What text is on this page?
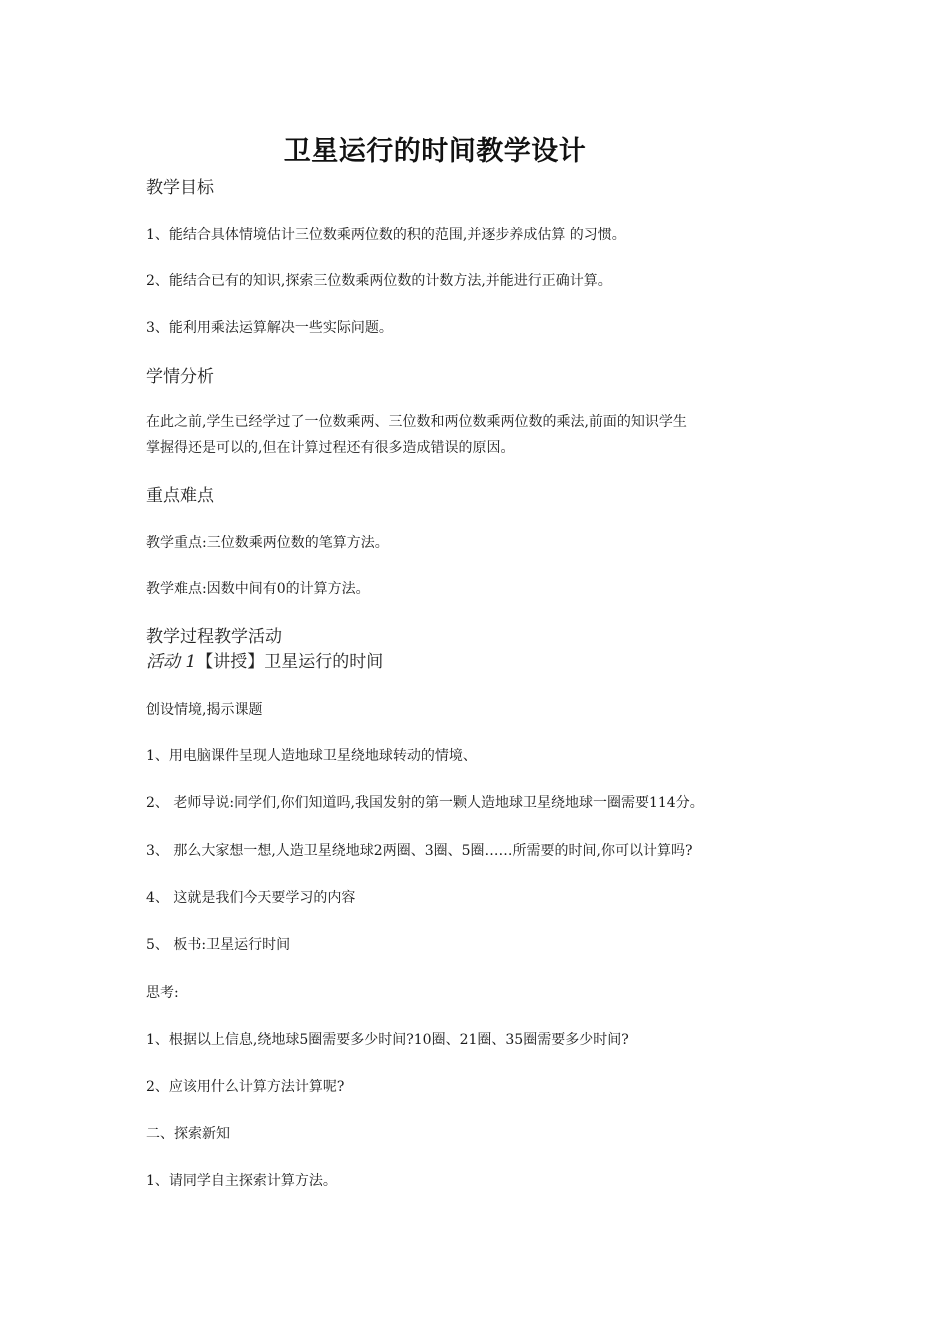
卫星运行的时间教学设计
教学目标
1、能结合具体情境估计三位数乘两位数的积的范围,并逐步养成估算 的习惯。
2、能结合已有的知识,探索三位数乘两位数的计数方法,并能进行正确计算。
3、能利用乘法运算解决一些实际问题。
学情分析
在此之前,学生已经学过了一位数乘两、三位数和两位数乘两位数的乘法,前面的知识学生
掌握得还是可以的,但在计算过程还有很多造成错误的原因。
重点难点
教学重点:三位数乘两位数的笔算方法。
教学难点:因数中间有0的计算方法。
教学过程教学活动
活动 1【讲授】卫星运行的时间
创设情境,揭示课题
1、用电脑课件呈现人造地球卫星绕地球转动的情境、
2、 老师导说:同学们,你们知道吗,我国发射的第一颗人造地球卫星绕地球一圈需要114分。
3、 那么大家想一想,人造卫星绕地球2两圈、3圈、5圈……所需要的时间,你可以计算吗?
4、 这就是我们今天要学习的内容
5、 板书:卫星运行时间
思考:
1、根据以上信息,绕地球5圈需要多少时间?10圈、21圈、35圈需要多少时间?
2、应该用什么计算方法计算呢?
二、探索新知
1、请同学自主探索计算方法。
